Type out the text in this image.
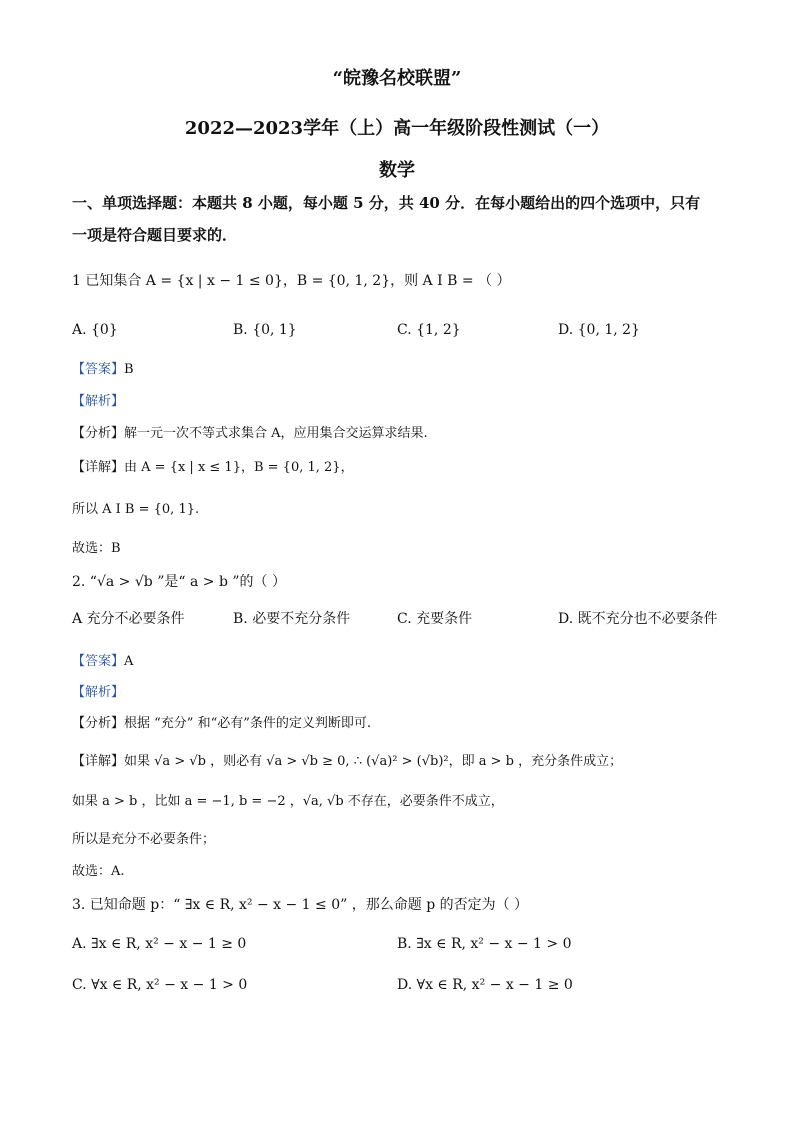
“皖豫名校联盟”
2022—2023学年（上）高一年级阶段性测试（一）
数学
一、单项选择题：本题共 8 小题，每小题 5 分，共 40 分．在每小题给出的四个选项中，只有
一项是符合题目要求的．
1 已知集合 A = {x | x − 1 ≤ 0}，B = {0, 1, 2}，则 A I B = （ ）
A. {0}	B. {0, 1}	C. {1, 2}	D. {0, 1, 2}
【答案】B
【解析】
【分析】解一元一次不等式求集合 A，应用集合交运算求结果.
【详解】由 A = {x | x ≤ 1}，B = {0, 1, 2}，
所以 A I B = {0, 1}.
故选：B
2. “√a > √b ”是“ a > b ”的（ ）
A 充分不必要条件	B. 必要不充分条件	C. 充要条件	D. 既不充分也不必要条件
【答案】A
【解析】
【分析】根据 “充分” 和“必有”条件的定义判断即可.
【详解】如果 √a > √b ，则必有 √a > √b ≥ 0, ∴ (√a)² > (√b)²，即 a > b ，充分条件成立；
如果 a > b ，比如 a = −1, b = −2 ，√a, √b 不存在，必要条件不成立，
所以是充分不必要条件；
故选：A.
3. 已知命题 p：“ ∃x ∈ R, x² − x − 1 ≤ 0” ，那么命题 p 的否定为（ ）
A. ∃x ∈ R, x² − x − 1 ≥ 0	B. ∃x ∈ R, x² − x − 1 > 0
C. ∀x ∈ R, x² − x − 1 > 0	D. ∀x ∈ R, x² − x − 1 ≥ 0
